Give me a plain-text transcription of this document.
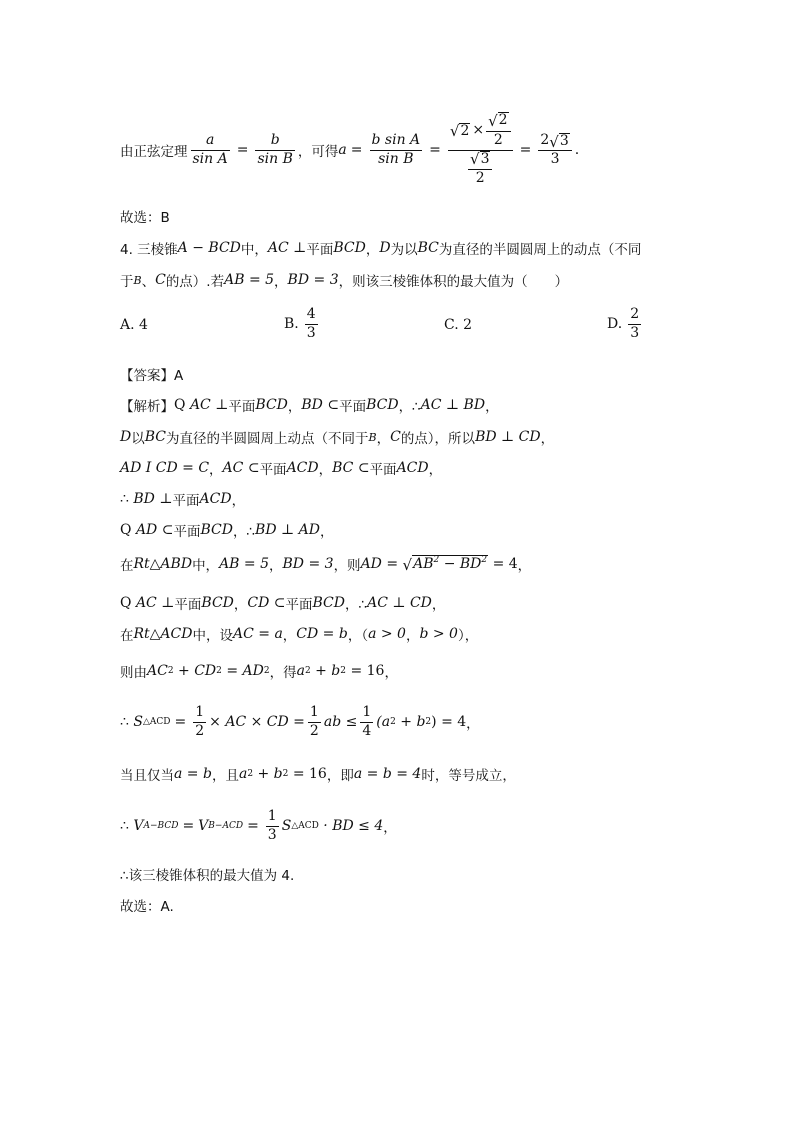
由正弦定理 $\frac{a}{\text{sin A}} = \frac{b}{\text{sin B}}$ ，可得 $a = \frac{\text{b sin A}}{\text{sin B}} = \frac{√ 2 \times \frac{√ 2}{2}}{\frac{√ 3}{2}} = \frac{2 √ 3}{3}$ .
故选：B
4. 三棱锥 A − BCD 中， AC ⊥ 平面 BCD ， D 为以 BC 为直径的半圆圆周上的动点（不同
于 B 、 C 的点）.若 AB = 5 ， BD = 3 ，则该三棱锥体积的最大值为（　　）
A. 4	B. $\frac{4}{3}$	C. 2	D. $\frac{2}{3}$
【答案】A
【解析】 Q
AC ⊥ 平面 BCD ， BD ⊂ 平面 BCD ，∴ AC ⊥ BD ，
D 以 BC 为直径的半圆圆周上动点（不同于 B ， C 的点），所以 BD ⊥ CD ，
AD I CD = C ， AC ⊂ 平面 ACD ， BC ⊂ 平面 ACD ，
∴
BD ⊥ 平面 ACD ，
Q
AD ⊂ 平面 BCD ，∴ BD ⊥ AD ，
在 Rt△ABD 中， AB = 5 ， BD = 3 ，则 AD =
√ $AB^2 - BD^2$
= 4 ，
Q
AC ⊥ 平面 BCD ， CD ⊂ 平面 BCD ，∴ AC ⊥ CD ，
在 Rt△ACD 中，设 AC = a ， CD = b ，（ a > 0 ， b > 0 ），
则由 AC 2
+ CD 2
= AD 2 ，得 a 2
+ b 2
= 16 ，
∴
S △ACD = $\frac{1}{2}$ × AC × CD = $\frac{1}{2}$ ab ≤ $\frac{1}{4} (a$ 2
+ b 2 ) = 4 ，
当且仅当 a = b ，且 a 2
+ b 2
= 16 ，即 a = b = 4 时，等号成立，
∴
V A−BCD = V $B-ACD = \frac{1}{3}$ S △ACD
· BD ≤ 4 ，
∴该三棱锥体积的最大值为 4.
故选：A.
